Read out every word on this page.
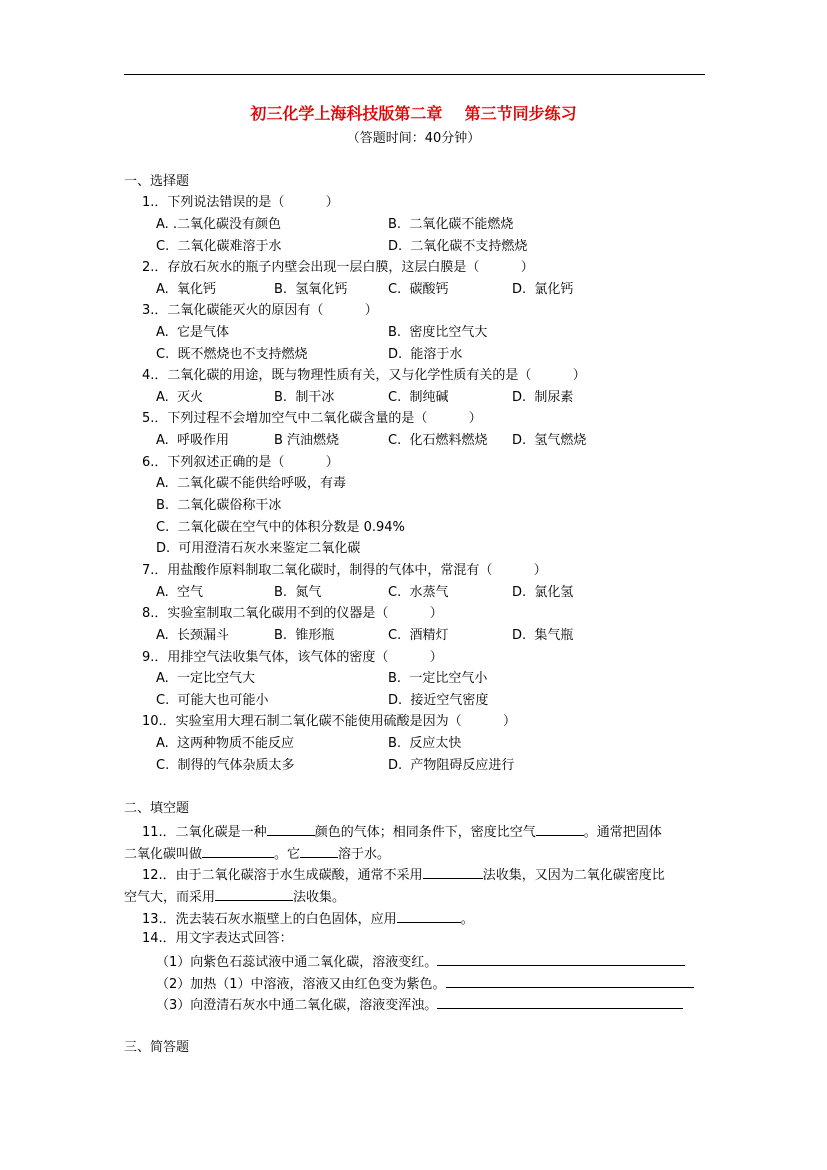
初三化学上海科技版第二章    第三节同步练习
（答题时间：40分钟）
一、选择题
1.．下列说法错误的是（          ）
A. .二氧化碳没有颜色	B.  二氧化碳不能燃烧
C.  二氧化碳难溶于水	D.  二氧化碳不支持燃烧
2.．存放石灰水的瓶子内壁会出现一层白膜，这层白膜是（          ）
A.  氧化钙	B.  氢氧化钙	C.  碳酸钙	D.  氯化钙
3.．二氧化碳能灭火的原因有（          ）
A.  它是气体	B.  密度比空气大
C.  既不燃烧也不支持燃烧	D.  能溶于水
4.．二氧化碳的用途，既与物理性质有关，又与化学性质有关的是（          ）
A.  灭火	B.  制干冰	C.  制纯碱	D.  制尿素
5.．下列过程不会增加空气中二氧化碳含量的是（          ）
A.  呼吸作用	B 汽油燃烧	C.  化石燃料燃烧 D.  氢气燃烧
6.．下列叙述正确的是（          ）
A.  二氧化碳不能供给呼吸，有毒
B.  二氧化碳俗称干冰
C.  二氧化碳在空气中的体积分数是 0.94%
D.  可用澄清石灰水来鉴定二氧化碳
7.．用盐酸作原料制取二氧化碳时，制得的气体中，常混有（          ）
A.  空气	B.  氮气	C.  水蒸气	D.  氯化氢
8.．实验室制取二氧化碳用不到的仪器是（          ）
A.  长颈漏斗	B.  锥形瓶	C.  酒精灯	D.  集气瓶
9.．用排空气法收集气体，该气体的密度（          ）
A.  一定比空气大	B.  一定比空气小
C.  可能大也可能小	D.  接近空气密度
10.．实验室用大理石制二氧化碳不能使用硫酸是因为（          ）
A.  这两种物质不能反应	B.  反应太快
C.  制得的气体杂质太多	D.  产物阻碍反应进行
二、填空题
11.．二氧化碳是一种	颜色的气体；相同条件下，密度比空气	。通常把固体
二氧化碳叫做	。它	溶于水。
12.．由于二氧化碳溶于水生成碳酸，通常不采用	法收集，又因为二氧化碳密度比
空气大，而采用	法收集。
13.．洗去装石灰水瓶壁上的白色固体，应用	。
14.．用文字表达式回答：
（1）向紫色石蕊试液中通二氧化碳，溶液变红。
（2）加热（1）中溶液，溶液又由红色变为紫色。
（3）向澄清石灰水中通二氧化碳，溶液变浑浊。
三、简答题
